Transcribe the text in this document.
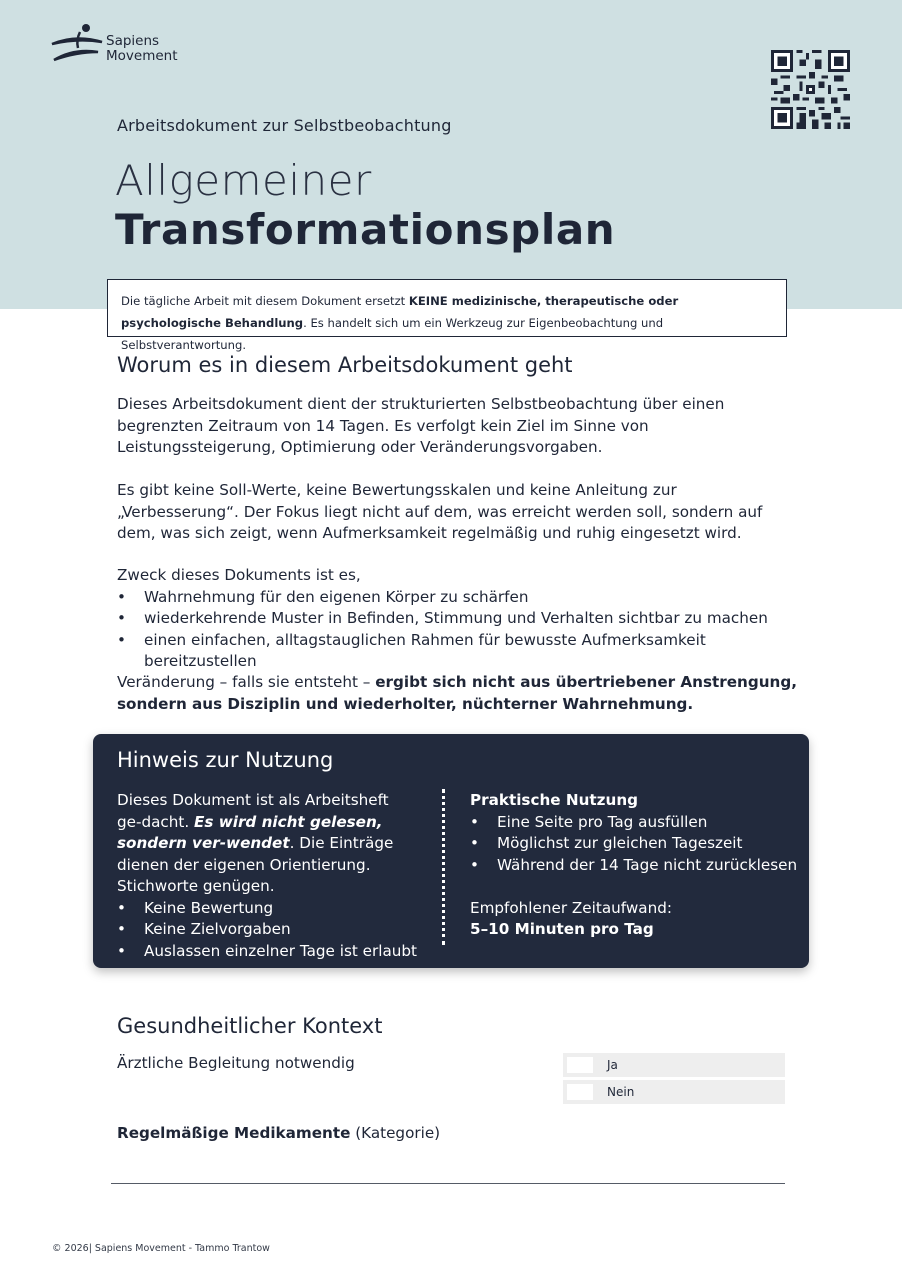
Sapiens
Movement
Arbeitsdokument zur Selbstbeobachtung
Allgemeiner
Transformationsplan
Die tägliche Arbeit mit diesem Dokument ersetzt KEINE medizinische, therapeutische oder psychologische Behandlung. Es handelt sich um ein Werkzeug zur Eigenbeobachtung und Selbstverantwortung.
Worum es in diesem Arbeitsdokument geht
Dieses Arbeitsdokument dient der strukturierten Selbstbeobachtung über einen begrenzten Zeitraum von 14 Tagen. Es verfolgt kein Ziel im Sinne von Leistungssteigerung, Optimierung oder Veränderungsvorgaben.
Es gibt keine Soll-Werte, keine Bewertungsskalen und keine Anleitung zur „Verbesserung“. Der Fokus liegt nicht auf dem, was erreicht werden soll, sondern auf dem, was sich zeigt, wenn Aufmerksamkeit regelmäßig und ruhig eingesetzt wird.
Zweck dieses Dokuments ist es,
• Wahrnehmung für den eigenen Körper zu schärfen
• wiederkehrende Muster in Befinden, Stimmung und Verhalten sichtbar zu machen
• einen einfachen, alltagstauglichen Rahmen für bewusste Aufmerksamkeit bereitzustellen
Veränderung – falls sie entsteht – ergibt sich nicht aus übertriebener Anstrengung, sondern aus Disziplin und wiederholter, nüchterner Wahrnehmung.
Hinweis zur Nutzung
Dieses Dokument ist als Arbeitsheft ge-dacht. Es wird nicht gelesen, sondern ver-wendet. Die Einträge dienen der eigenen Orientierung. Stichworte genügen.
• Keine Bewertung
• Keine Zielvorgaben
• Auslassen einzelner Tage ist erlaubt
Praktische Nutzung
• Eine Seite pro Tag ausfüllen
• Möglichst zur gleichen Tageszeit
• Während der 14 Tage nicht zurücklesen
Empfohlener Zeitaufwand:
5–10 Minuten pro Tag
Gesundheitlicher Kontext
Ärztliche Begleitung notwendig	Ja
Nein
Regelmäßige Medikamente (Kategorie)
© 2026| Sapiens Movement - Tammo Trantow
